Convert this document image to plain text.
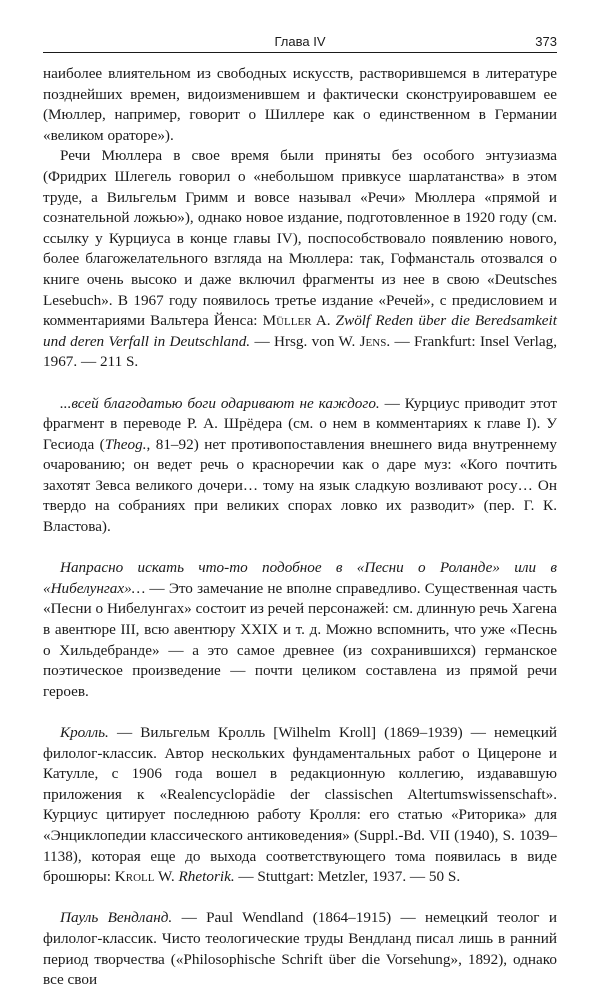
Глава IV	373

наиболее влиятельном из свободных искусств, растворившемся в литературе позднейших времен, видоизменившем и фактически сконструировавшем ее (Мюллер, например, говорит о Шиллере как о единственном в Германии «великом ораторе»).

Речи Мюллера в свое время были приняты без особого энтузиазма (Фридрих Шлегель говорил о «небольшом привкусе шарлатанства» в этом труде, а Вильгельм Гримм и вовсе называл «Речи» Мюллера «прямой и сознательной ложью»), однако новое издание, подготовленное в 1920 году (см. ссылку у Курциуса в конце главы IV), поспособствовало появлению нового, более благожелательного взгляда на Мюллера: так, Гофмансталь отозвался о книге очень высоко и даже включил фрагменты из нее в свою «Deutsches Lesebuch». В 1967 году появилось третье издание «Речей», с предисловием и комментариями Вальтера Йенса: Müller A. Zwölf Reden über die Beredsamkeit und deren Verfall in Deutschland. — Hrsg. von W. Jens. — Frankfurt: Insel Verlag, 1967. — 211 S.

...всей благодатью боги одаривают не каждого. — Курциус приводит этот фрагмент в переводе Р. А. Шрёдера (см. о нем в комментариях к главе I). У Гесиода (Theog., 81–92) нет противопоставления внешнего вида внутреннему очарованию; он ведет речь о красноречии как о даре муз: «Кого почтить захотят Зевса великого дочери… тому на язык сладкую возливают росу… Он твердо на собраниях при великих спорах ловко их разводит» (пер. Г. К. Властова).

Напрасно искать что-то подобное в «Песни о Роланде» или в «Нибелунгах»… — Это замечание не вполне справедливо. Существенная часть «Песни о Нибелунгах» состоит из речей персонажей: см. длинную речь Хагена в авентюре III, всю авентюру XXIX и т. д. Можно вспомнить, что уже «Песнь о Хильдебранде» — а это самое древнее (из сохранившихся) германское поэтическое произведение — почти целиком составлена из прямой речи героев.

Кролль. — Вильгельм Кролль [Wilhelm Kroll] (1869–1939) — немецкий филолог-классик. Автор нескольких фундаментальных работ о Цицероне и Катулле, с 1906 года вошел в редакционную коллегию, издававшую приложения к «Realencyclopädie der classischen Altertumswissenschaft». Курциус цитирует последнюю работу Кролля: его статью «Риторика» для «Энциклопедии классического антиковедения» (Suppl.-Bd. VII (1940), S. 1039–1138), которая еще до выхода соответствующего тома появилась в виде брошюры: Kroll W. Rhetorik. — Stuttgart: Metzler, 1937. — 50 S.

Пауль Вендланд. — Paul Wendland (1864–1915) — немецкий теолог и филолог-классик. Чисто теологические труды Вендланд писал лишь в ранний период творчества («Philosophische Schrift über die Vorsehung», 1892), однако все свои
